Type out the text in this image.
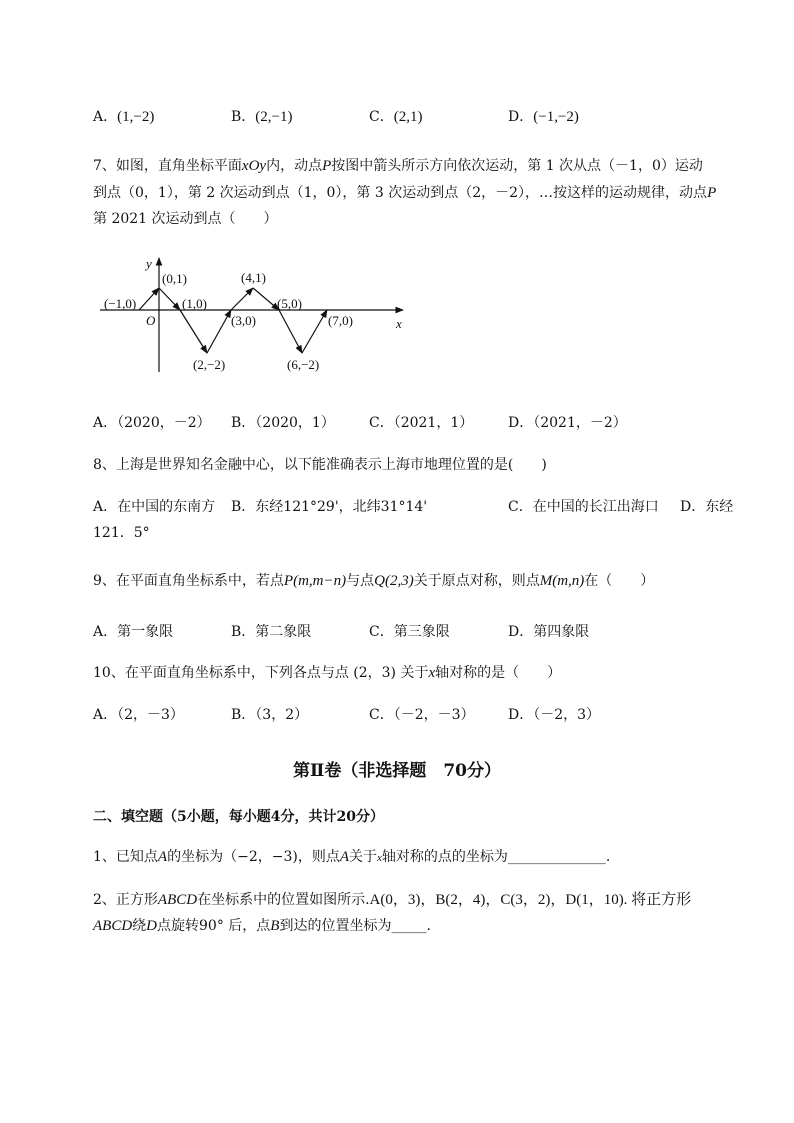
A．(1,−2)	B．(2,−1)	C．(2,1)	D．(−1,−2)
7、如图，直角坐标平面xOy内，动点P按图中箭头所示方向依次运动，第 1 次从点（－1，0）运动
到点（0，1），第 2 次运动到点（1，0），第 3 次运动到点（2，－2），…按这样的运动规律，动点P
第 2021 次运动到点（　　）
y
x
O
(−1,0)
(0,1)
(1,0)
(2,−2)
(3,0)
(4,1)
(5,0)
(6,−2)
(7,0)
A．（2020，－2） B．（2020，1） C．（2021，1） D．（2021，－2）
8、上海是世界知名金融中心，以下能准确表示上海市地理位置的是(　　)
A．在中国的东南方 B．东经121°29'，北纬31°14'	C．在中国的长江出海口 D．东经
121．5°
9、在平面直角坐标系中，若点P(m,m−n)与点Q(2,3)关于原点对称，则点M(m,n)在（　　）
A．第一象限	B．第二象限	C．第三象限	D．第四象限
10、在平面直角坐标系中，下列各点与点 (2，3) 关于x轴对称的是（　　）
A．（2，－3）	B．（3，2）	C．（－2，－3） D．（－2，3）
第Ⅱ卷（非选择题　70分）
二、填空题（5小题，每小题4分，共计20分）
1、已知点A的坐标为（−2，−3)，则点A关于x轴对称的点的坐标为______________.
2、正方形ABCD在坐标系中的位置如图所示.A(0，3)，B(2，4)，C(3，2)，D(1，10). 将正方形
ABCD绕D点旋转90° 后，点B到达的位置坐标为_____.
